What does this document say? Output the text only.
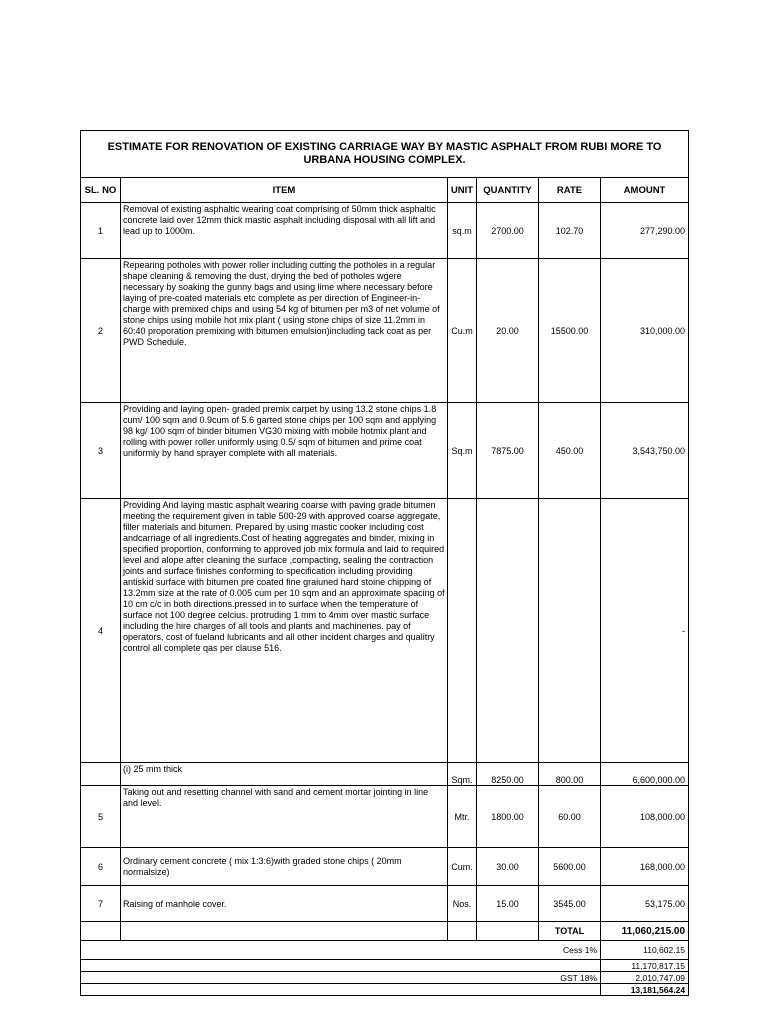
ESTIMATE FOR RENOVATION OF EXISTING CARRIAGE WAY BY MASTIC ASPHALT FROM RUBI MORE TO URBANA HOUSING COMPLEX.					
SL. NO	ITEM	UNIT	QUANTITY	RATE	AMOUNT
1	Removal of existing asphaltic wearing coat comprising of 50mm thick asphaltic concrete laid over 12mm thick mastic asphalt including disposal with all lift and lead up to 1000m.	sq.m	2700.00	102.70	277,290.00
2	Repearing potholes with power roller including cutting the potholes in a regular shape cleaning & removing the dust, drying the bed of potholes wgere necessary by soaking the gunny bags and using lime where necessary before laying of pre-coated materials etc complete as per direction of Engineer-in-charge with premixed chips and using 54 kg of bitumen per m3 of net volume of stone chips using mobile hot mix plant ( using stone chips of size 11.2mm in 60:40 proporation premixing with bitumen emulsion)including tack coat as per PWD Schedule.	Cu.m	20.00	15500.00	310,000.00
3	Providing and laying open- graded premix carpet by using 13.2 stone chips 1.8 cum/ 100 sqm and 0.9cum of 5.6 garted stone chips per 100 sqm and applying 98 kg/ 100 sqm of binder bitumen VG30 mixing with mobile hotmix plant and rolling with power roller uniformly using 0.5/ sqm of bitumen and prime coat uniformly by hand sprayer complete with all materials.	Sq.m	7875.00	450.00	3,543,750.00
4	Providing And laying mastic asphalt wearing coarse with paving grade bitumen meeting the requirement given in table 500-29 with approved coarse aggregate, filler materials and bitumen. Prepared by using mastic cooker including cost andcarriage of all ingredients.Cost of heating aggregates and binder, mixing in specified proportion, conforming to approved job mix formula and laid to required level and alope after cleaning the surface ,compacting, sealing the contraction joints and surface finishes conforming to specification including providing antiskid surface with bitumen pre coated fine graiuned hard stoine chipping of 13.2mm size at the rate of 0.005 cum per 10 sqm and an approximate spacing of 10 cm c/c in both directions.pressed in to surface when the temperature of surface not 100 degree celcius. protruding 1 mm to 4mm over mastic surface including the hire charges of all tools and plants and machineries. pay of operators, cost of fueland lubricants and all other incident charges and qualitry control all complete qas per clause 516.				-
	(i) 25 mm thick	Sqm.	8250.00	800.00	6,600,000.00
5	Taking out and resetting channel with sand and cement mortar jointing in line and level.	Mtr.	1800.00	60.00	108,000.00
6	Ordinary cement concrete ( mix 1:3:6)with graded stone chips ( 20mm normalsize)	Cum.	30.00	5600.00	168,000.00
7	Raising of manhole cover.	Nos.	15.00	3545.00	53,175.00
				TOTAL	11,060,215.00
Cess 1%					110,602.15
					11,170,817.15
GST 18%					2,010,747.09
					13,181,564.24
